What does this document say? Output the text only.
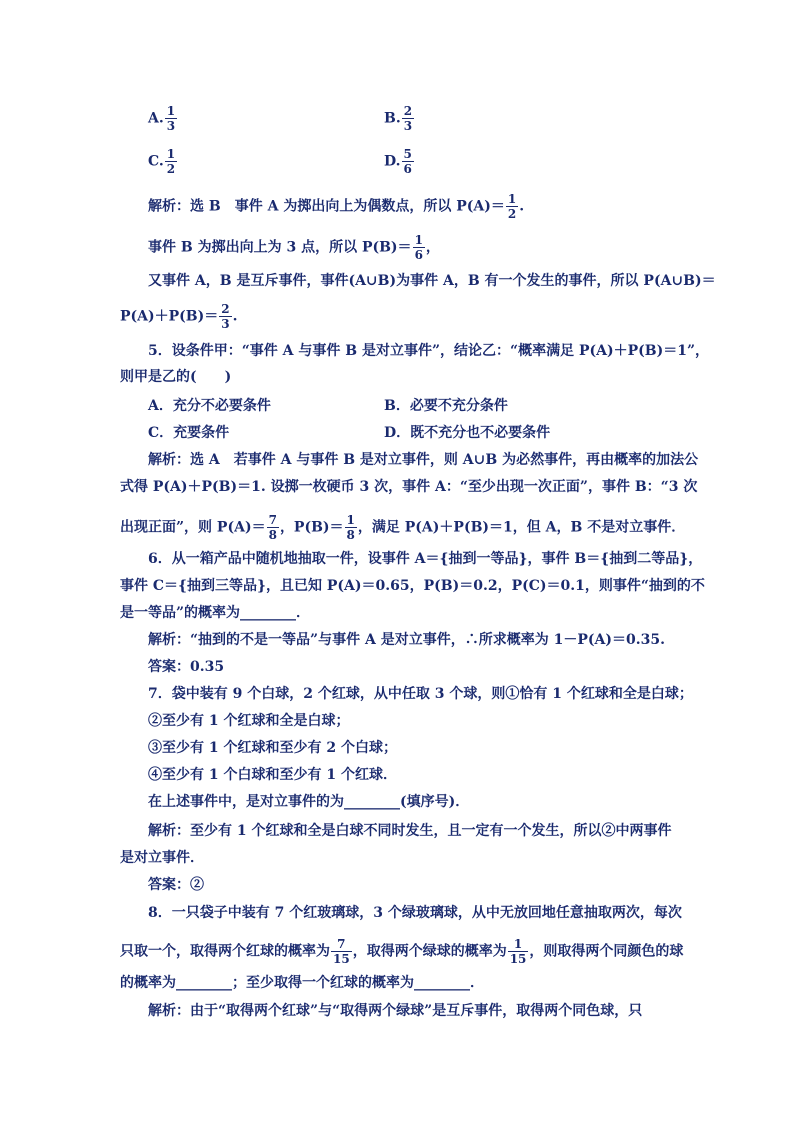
A. $\frac{1}{3}$	B. $\frac{2}{3}$
C. $\frac{1}{2}$	D. $\frac{5}{6}$
解析：选 B　事件 A 为掷出向上为偶数点，所以 $P(A)= \frac{1}{2}$ .
事件 B 为掷出向上为 3 点，所以 $P(B)= \frac{1}{6}$ ，
又事件 A，B 是互斥事件，事件(A∪B)为事件 A，B 有一个发生的事件，所以 P(A∪B)＝
$P(A)+P(B)= \frac{2}{3}$ .
5．设条件甲：“事件 A 与事件 B 是对立事件”，结论乙：“概率满足 P(A)＋P(B)＝1”，
则甲是乙的(　　)
A．充分不必要条件	B．必要不充分条件
C．充要条件	D．既不充分也不必要条件
解析：选 A　若事件 A 与事件 B 是对立事件，则 A∪B 为必然事件，再由概率的加法公
式得 P(A)＋P(B)＝1. 设掷一枚硬币 3 次，事件 A：“至少出现一次正面”，事件 B：“3 次
出现正面”，则 $P(A)= \frac{7}{8}$ ，$P(B)= \frac{1}{8}$ ，满足 P(A)＋P(B)＝1，但 A，B 不是对立事件．
6．从一箱产品中随机地抽取一件，设事件 A＝{抽到一等品}，事件 B＝{抽到二等品}，
事件 C＝{抽到三等品}，且已知 P(A)＝0.65，P(B)＝0.2，P(C)＝0.1，则事件“抽到的不
是一等品”的概率为________．
解析：“抽到的不是一等品”与事件 A 是对立事件，∴所求概率为 1－P(A)＝0.35.
答案：0.35
7．袋中装有 9 个白球，2 个红球，从中任取 3 个球，则①恰有 1 个红球和全是白球；
②至少有 1 个红球和全是白球；
③至少有 1 个红球和至少有 2 个白球；
④至少有 1 个白球和至少有 1 个红球．
在上述事件中，是对立事件的为________(填序号)．
解析：至少有 1 个红球和全是白球不同时发生，且一定有一个发生，所以②中两事件
是对立事件．
答案：②
8．一只袋子中装有 7 个红玻璃球，3 个绿玻璃球，从中无放回地任意抽取两次，每次
只取一个，取得两个红球的概率为 $\frac{7}{15}$ ，取得两个绿球的概率为 $\frac{1}{15}$ ，则取得两个同颜色的球
的概率为________；至少取得一个红球的概率为________．
解析：由于“取得两个红球”与“取得两个绿球”是互斥事件，取得两个同色球，只
